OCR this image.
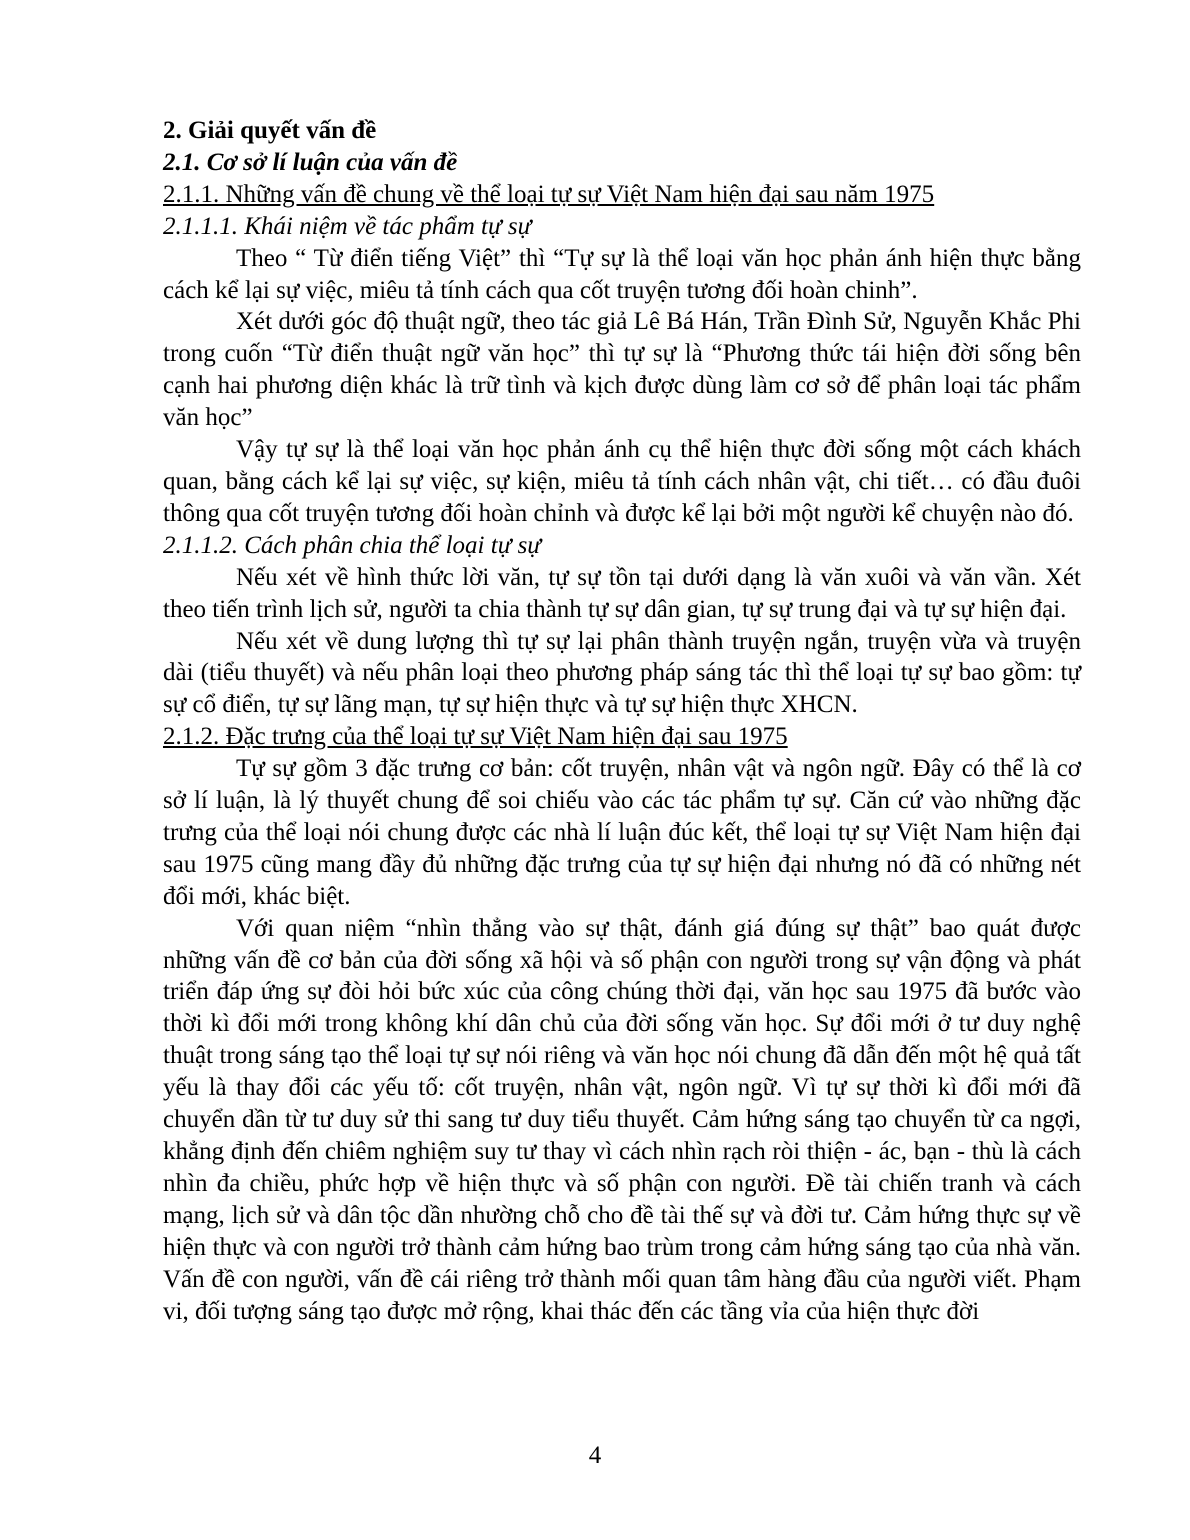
2. Giải quyết vấn đề

2.1. Cơ sở lí luận của vấn đề

2.1.1. Những vấn đề chung về thể loại tự sự Việt Nam hiện đại sau năm 1975

2.1.1.1. Khái niệm về tác phẩm tự sự

Theo “ Từ điển tiếng Việt” thì “Tự sự là thể loại văn học phản ánh hiện thực bằng cách kể lại sự việc, miêu tả tính cách qua cốt truyện tương đối hoàn chinh”.

Xét dưới góc độ thuật ngữ, theo tác giả Lê Bá Hán, Trần Đình Sử, Nguyễn Khắc Phi trong cuốn “Từ điển thuật ngữ văn học” thì tự sự là “Phương thức tái hiện đời sống bên cạnh hai phương diện khác là trữ tình và kịch được dùng làm cơ sở để phân loại tác phẩm văn học”

Vậy tự sự là thể loại văn học phản ánh cụ thể hiện thực đời sống một cách khách quan, bằng cách kể lại sự việc, sự kiện, miêu tả tính cách nhân vật, chi tiết… có đầu đuôi thông qua cốt truyện tương đối hoàn chỉnh và được kể lại bởi một người kể chuyện nào đó.

2.1.1.2. Cách phân chia thể loại tự sự

Nếu xét về hình thức lời văn, tự sự tồn tại dưới dạng là văn xuôi và văn vần. Xét theo tiến trình lịch sử, người ta chia thành tự sự dân gian, tự sự trung đại và tự sự hiện đại.

Nếu xét về dung lượng thì tự sự lại phân thành truyện ngắn, truyện vừa và truyện dài (tiểu thuyết) và nếu phân loại theo phương pháp sáng tác thì thể loại tự sự bao gồm: tự sự cổ điển, tự sự lãng mạn, tự sự hiện thực và tự sự hiện thực XHCN.

2.1.2. Đặc trưng của thể loại tự sự Việt Nam hiện đại sau 1975

Tự sự gồm 3 đặc trưng cơ bản: cốt truyện, nhân vật và ngôn ngữ. Đây có thể là cơ sở lí luận, là lý thuyết chung để soi chiếu vào các tác phẩm tự sự. Căn cứ vào những đặc trưng của thể loại nói chung được các nhà lí luận đúc kết, thể loại tự sự Việt Nam hiện đại sau 1975 cũng mang đầy đủ những đặc trưng của tự sự hiện đại nhưng nó đã có những nét đổi mới, khác biệt.

Với quan niệm “nhìn thẳng vào sự thật, đánh giá đúng sự thật” bao quát được những vấn đề cơ bản của đời sống xã hội và số phận con người trong sự vận động và phát triển đáp ứng sự đòi hỏi bức xúc của công chúng thời đại, văn học sau 1975 đã bước vào thời kì đổi mới trong không khí dân chủ của đời sống văn học. Sự đổi mới ở tư duy nghệ thuật trong sáng tạo thể loại tự sự nói riêng và văn học nói chung đã dẫn đến một hệ quả tất yếu là thay đổi các yếu tố: cốt truyện, nhân vật, ngôn ngữ. Vì tự sự thời kì đổi mới đã chuyển dần từ tư duy sử thi sang tư duy tiểu thuyết. Cảm hứng sáng tạo chuyển từ ca ngợi, khẳng định đến chiêm nghiệm suy tư thay vì cách nhìn rạch ròi thiện - ác, bạn - thù là cách nhìn đa chiều, phức hợp về hiện thực và số phận con người. Đề tài chiến tranh và cách mạng, lịch sử và dân tộc dần nhường chỗ cho đề tài thế sự và đời tư. Cảm hứng thực sự về hiện thực và con người trở thành cảm hứng bao trùm trong cảm hứng sáng tạo của nhà văn. Vấn đề con người, vấn đề cái riêng trở thành mối quan tâm hàng đầu của người viết. Phạm vi, đối tượng sáng tạo được mở rộng, khai thác đến các tầng vỉa của hiện thực đời

4
